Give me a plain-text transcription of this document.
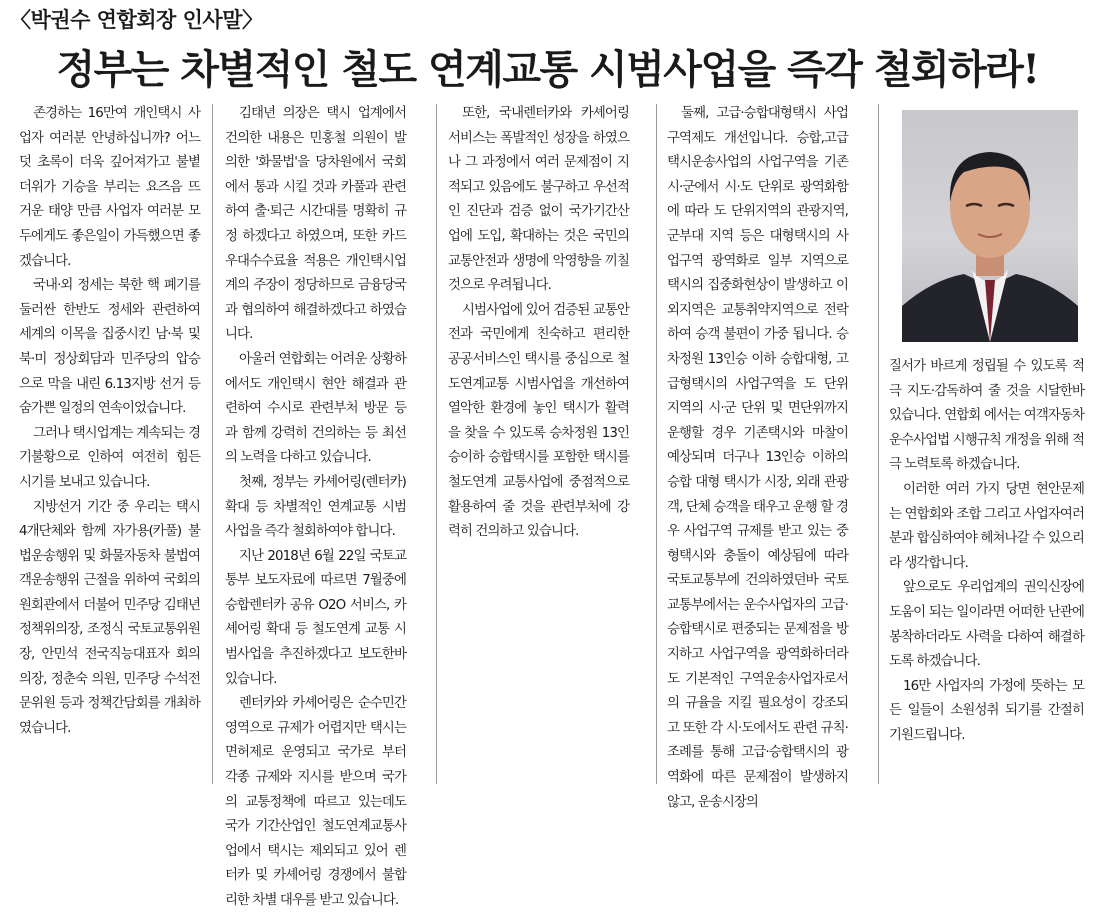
〈박권수 연합회장 인사말〉
정부는 차별적인 철도 연계교통 시범사업을 즉각 철회하라!

존경하는 16만여 개인택시 사업자 여러분 안녕하십니까? 어느덧 초록이 더욱 깊어져가고 불볕더위가 기승을 부리는 요즈음 뜨거운 태양 만큼 사업자 여러분 모두에게도 좋은일이 가득했으면 좋겠습니다.

국내·외 정세는 북한 핵 폐기를 둘러싼 한반도 정세와 관련하여 세계의 이목을 집중시킨 남·북 및 북·미 정상회담과 민주당의 압승으로 막을 내린 6.13지방 선거 등 숨가쁜 일정의 연속이었습니다.

그러나 택시업계는 계속되는 경기불황으로 인하여 여전히 힘든 시기를 보내고 있습니다.

지방선거 기간 중 우리는 택시 4개단체와 함께 자가용(카풀) 불법운송행위 및 화물자동차 불법여객운송행위 근절을 위하여 국회의원회관에서 더불어 민주당 김태년 정책위의장, 조정식 국토교통위원장, 안민석 전국직능대표자 회의 의장, 정춘숙 의원, 민주당 수석전문위원 등과 정책간담회를 개최하였습니다.

김태년 의장은 택시 업계에서 건의한 내용은 민홍철 의원이 발의한 '화물법'을 당차원에서 국회에서 통과 시킬 것과 카풀과 관련하여 출·퇴근 시간대를 명확히 규정 하겠다고 하였으며, 또한 카드 우대수수료율 적용은 개인택시업계의 주장이 정당하므로 금융당국과 협의하여 해결하겠다고 하였습니다.

아울러 연합회는 어려운 상황하에서도 개인택시 현안 해결과 관련하여 수시로 관련부처 방문 등과 함께 강력히 건의하는 등 최선의 노력을 다하고 있습니다.

첫째, 정부는 카셰어링(렌터카) 확대 등 차별적인 연계교통 시범사업을 즉각 철회하여야 합니다.

지난 2018년 6월 22일 국토교통부 보도자료에 따르면 7월중에 승합렌터카 공유 O2O 서비스, 카셰어링 확대 등 철도연계 교통 시범사업을 추진하겠다고 보도한바 있습니다.

렌터카와 카셰어링은 순수민간영역으로 규제가 어렵지만 택시는 면허제로 운영되고 국가로 부터 각종 규제와 지시를 받으며 국가의 교통정책에 따르고 있는데도 국가 기간산업인 철도연계교통사업에서 택시는 제외되고 있어 렌터카 및 카셰어링 경쟁에서 불합리한 차별 대우를 받고 있습니다.

또한, 국내렌터카와 카셰어링 서비스는 폭발적인 성장을 하였으나 그 과정에서 여러 문제점이 지적되고 있음에도 불구하고 우선적인 진단과 검증 없이 국가기간산업에 도입, 확대하는 것은 국민의 교통안전과 생명에 악영향을 끼칠 것으로 우려됩니다.

시범사업에 있어 검증된 교통안전과 국민에게 친숙하고 편리한 공공서비스인 택시를 중심으로 철도연계교통 시범사업을 개선하여 열악한 환경에 놓인 택시가 활력을 찾을 수 있도록 승차정원 13인승이하 승합택시를 포함한 택시를 철도연계 교통사업에 중점적으로 활용하여 줄 것을 관련부처에 강력히 건의하고 있습니다.

둘째, 고급·승합대형택시 사업구역제도 개선입니다. 승합,고급택시운송사업의 사업구역을 기존 시·군에서 시·도 단위로 광역화함에 따라 도 단위지역의 관광지역, 군부대 지역 등은 대형택시의 사업구역 광역화로 일부 지역으로 택시의 집중화현상이 발생하고 이외지역은 교통취약지역으로 전락하여 승객 불편이 가중 됩니다. 승차정원 13인승 이하 승합대형, 고급형택시의 사업구역을 도 단위 지역의 시·군 단위 및 면단위까지 운행할 경우 기존택시와 마찰이 예상되며 더구나 13인승 이하의 승합 대형 택시가 시장, 외래 관광객, 단체 승객을 태우고 운행 할 경우 사업구역 규제를 받고 있는 중형택시와 충돌이 예상됨에 따라 국토교통부에 건의하였던바 국토교통부에서는 운수사업자의 고급·승합택시로 편중되는 문제점을 방지하고 사업구역을 광역화하더라도 기본적인 구역운송사업자로서의 규율을 지킬 필요성이 강조되고 또한 각 시·도에서도 관련 규칙·조례를 통해 고급·승합택시의 광역화에 따른 문제점이 발생하지 않고, 운송시장의

질서가 바르게 정립될 수 있도록 적극 지도·감독하여 줄 것을 시달한바 있습니다. 연합회 에서는 여객자동차운수사업법 시행규칙 개정을 위해 적극 노력토록 하겠습니다.

이러한 여러 가지 당면 현안문제는 연합회와 조합 그리고 사업자여러분과 합심하여야 헤쳐나갈 수 있으리라 생각합니다.

앞으로도 우리업계의 권익신장에 도움이 되는 일이라면 어떠한 난관에 봉착하더라도 사력을 다하여 해결하도록 하겠습니다.

16만 사업자의 가정에 뜻하는 모든 일들이 소원성취 되기를 간절히 기원드립니다.
